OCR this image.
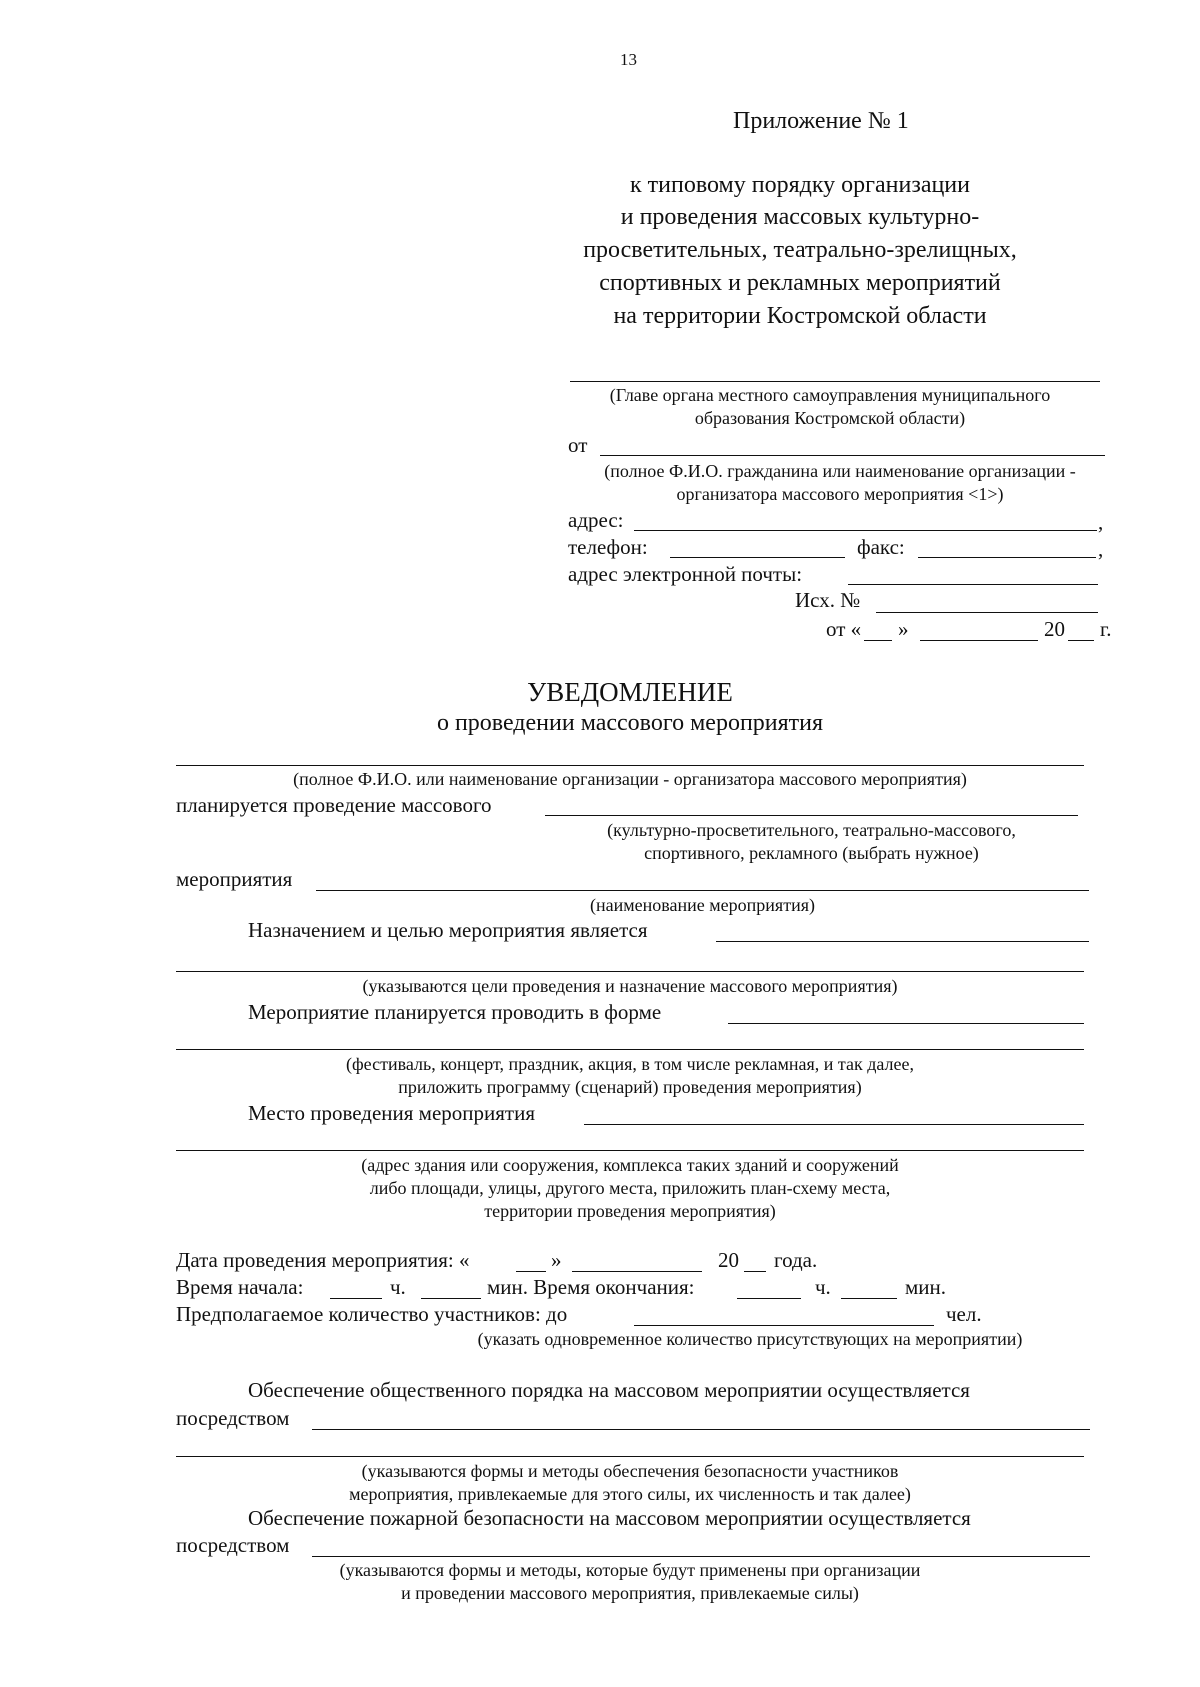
13
Приложение № 1
к типовому порядку организации
и проведения массовых культурно-
просветительных, театрально-зрелищных,
спортивных и рекламных мероприятий
на территории Костромской области
(Главе органа местного самоуправления муниципального
образования Костромской области)
от
(полное Ф.И.О. гражданина или наименование организации -
организатора массового мероприятия <1>)
адрес:	,
телефон:	факс:	,
адрес электронной почты:
Исх. №
от « »	20 г.
УВЕДОМЛЕНИЕ
о проведении массового мероприятия
(полное Ф.И.О. или наименование организации - организатора массового мероприятия)
планируется проведение массового
(культурно-просветительного, театрально-массового,
спортивного, рекламного (выбрать нужное)
мероприятия
(наименование мероприятия)
Назначением и целью мероприятия является
(указываются цели проведения и назначение массового мероприятия)
Мероприятие планируется проводить в форме
(фестиваль, концерт, праздник, акция, в том числе рекламная, и так далее,
приложить программу (сценарий) проведения мероприятия)
Место проведения мероприятия
(адрес здания или сооружения, комплекса таких зданий и сооружений
либо площади, улицы, другого места, приложить план-схему места,
территории проведения мероприятия)
Дата проведения мероприятия: «	»	20 года.
Время начала:	ч.	мин. Время окончания:	ч.	мин.
Предполагаемое количество участников: до	чел.
(указать одновременное количество присутствующих на мероприятии)
Обеспечение общественного порядка на массовом мероприятии осуществляется
посредством
(указываются формы и методы обеспечения безопасности участников
мероприятия, привлекаемые для этого силы, их численность и так далее)
Обеспечение пожарной безопасности на массовом мероприятии осуществляется
посредством
(указываются формы и методы, которые будут применены при организации
и проведении массового мероприятия, привлекаемые силы)
